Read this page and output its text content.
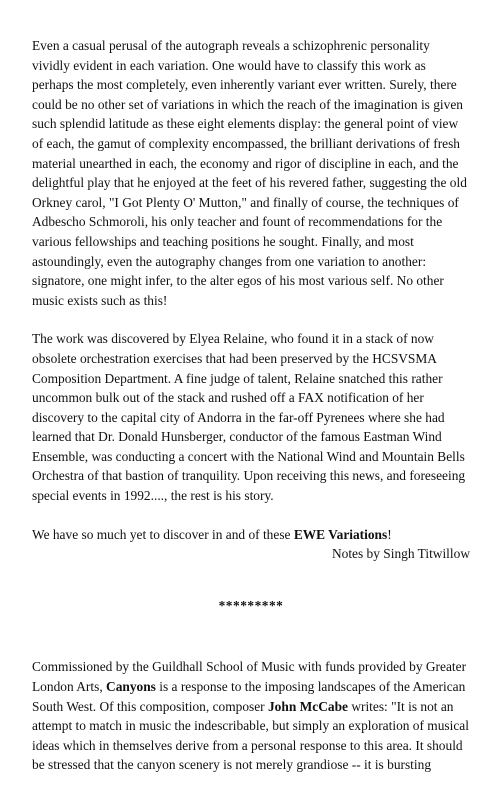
Even a casual perusal of the autograph reveals a schizophrenic personality vividly evident in each variation. One would have to classify this work as perhaps the most completely, even inherently variant ever written. Surely, there could be no other set of variations in which the reach of the imagination is given such splendid latitude as these eight elements display: the general point of view of each, the gamut of complexity encompassed, the brilliant derivations of fresh material unearthed in each, the economy and rigor of discipline in each, and the delightful play that he enjoyed at the feet of his revered father, suggesting the old Orkney carol, "I Got Plenty O' Mutton," and finally of course, the techniques of Adbescho Schmoroli, his only teacher and fount of recommendations for the various fellowships and teaching positions he sought. Finally, and most astoundingly, even the autography changes from one variation to another: signatore, one might infer, to the alter egos of his most various self. No other music exists such as this!

The work was discovered by Elyea Relaine, who found it in a stack of now obsolete orchestration exercises that had been preserved by the HCSVSMA Composition Department. A fine judge of talent, Relaine snatched this rather uncommon bulk out of the stack and rushed off a FAX notification of her discovery to the capital city of Andorra in the far-off Pyrenees where she had learned that Dr. Donald Hunsberger, conductor of the famous Eastman Wind Ensemble, was conducting a concert with the National Wind and Mountain Bells Orchestra of that bastion of tranquility. Upon receiving this news, and foreseeing special events in 1992...., the rest is his story.

We have so much yet to discover in and of these EWE Variations!

Notes by Singh Titwillow

*********

Commissioned by the Guildhall School of Music with funds provided by Greater London Arts, Canyons is a response to the imposing landscapes of the American South West. Of this composition, composer John McCabe writes: "It is not an attempt to match in music the indescribable, but simply an exploration of musical ideas which in themselves derive from a personal response to this area. It should be stressed that the canyon scenery is not merely grandiose -- it is bursting
